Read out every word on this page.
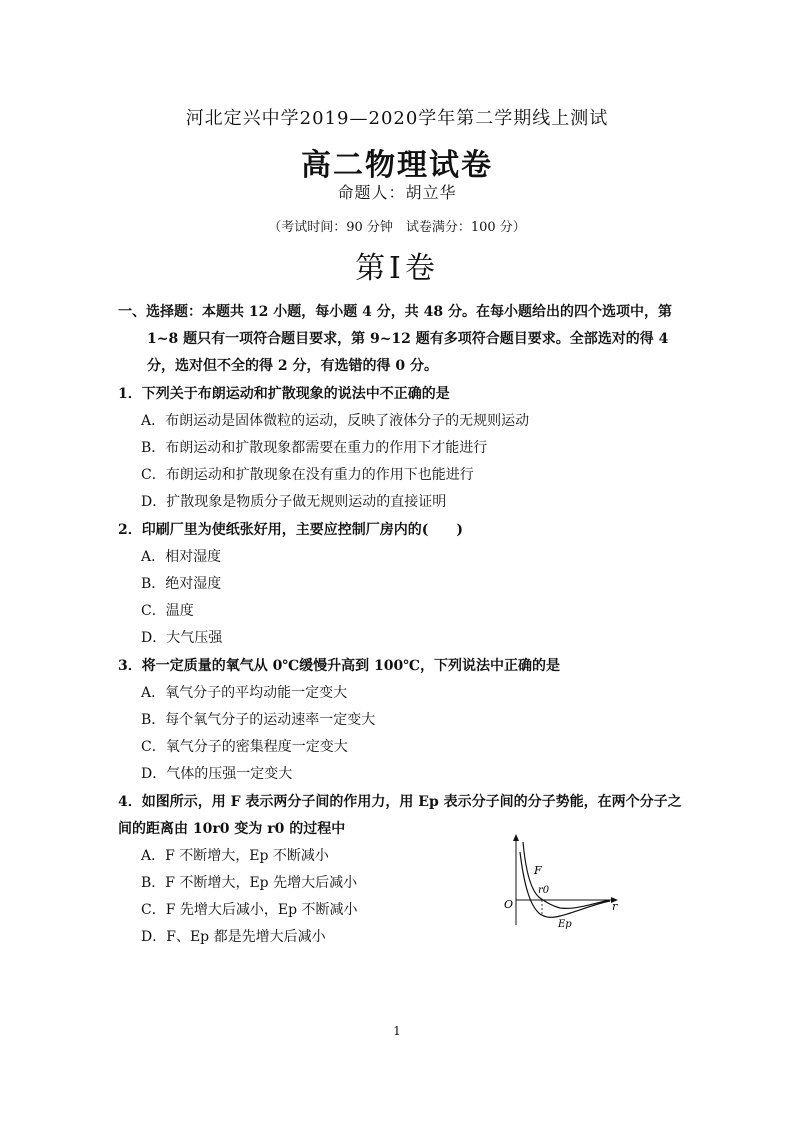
河北定兴中学2019—2020学年第二学期线上测试
高二物理试卷
命题人：胡立华
（考试时间：90 分钟　试卷满分：100 分）
第Ⅰ卷
一、选择题：本题共 12 小题，每小题 4 分，共 48 分。在每小题给出的四个选项中，第
1~8 题只有一项符合题目要求，第 9~12 题有多项符合题目要求。全部选对的得 4
分，选对但不全的得 2 分，有选错的得 0 分。
1．下列关于布朗运动和扩散现象的说法中不正确的是
A．布朗运动是固体微粒的运动，反映了液体分子的无规则运动
B．布朗运动和扩散现象都需要在重力的作用下才能进行
C．布朗运动和扩散现象在没有重力的作用下也能进行
D．扩散现象是物质分子做无规则运动的直接证明
2．印刷厂里为使纸张好用，主要应控制厂房内的(　　)
A．相对湿度
B．绝对湿度
C．温度
D．大气压强
3．将一定质量的氧气从 0℃缓慢升高到 100℃，下列说法中正确的是
A．氧气分子的平均动能一定变大
B．每个氧气分子的运动速率一定变大
C．氧气分子的密集程度一定变大
D．气体的压强一定变大
4．如图所示，用 F 表示两分子间的作用力，用 Ep 表示分子间的分子势能，在两个分子之
间的距离由 10r0 变为 r0 的过程中
A．F 不断增大，Ep 不断减小
B．F 不断增大，Ep 先增大后减小
C．F 先增大后减小，Ep 不断减小
D．F、Ep 都是先增大后减小
F
r0
O	r
Ep
1
